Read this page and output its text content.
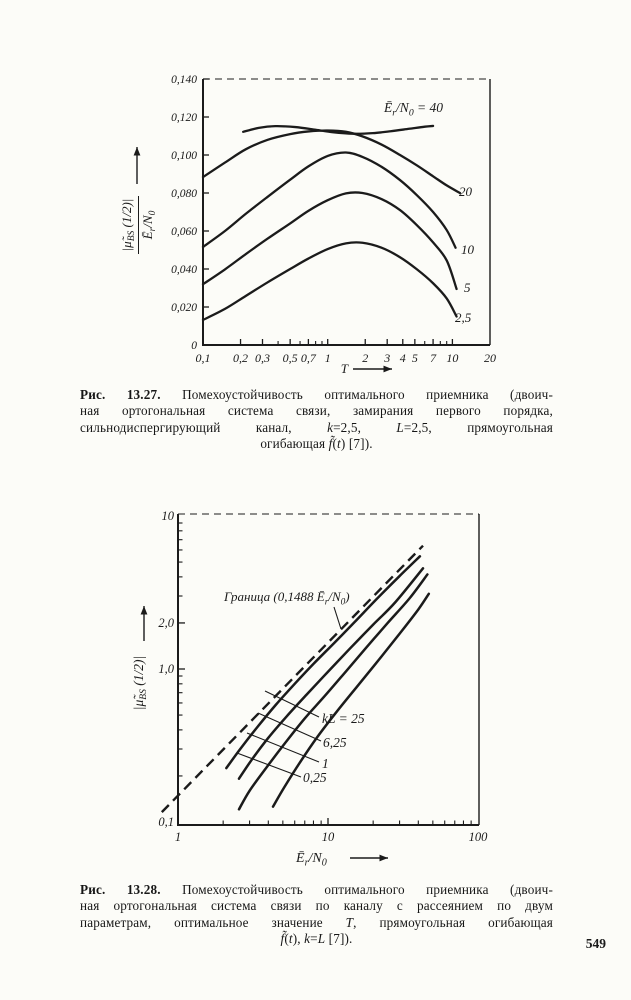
0,1 0,2 0,3 0,5 0,7 1	2 3 4 5 7 10 20
0
0,020
0,040
0,060
0,080
0,100
0,120
0,140
$Ē_r/N_0 = 40$
20
10
5
2,5
T
1	10	100
0,1
1,0
2,0
10
Граница (0,1488 $Ē_r/N_0$)
kL = 25
6,25
1
0,25
$Ē_r/N_0$
$|\mũ_{BS}$ (1/2)|
$Ē_r/N_0$
$|\mũ_{BS}$ (1/2)|
Рис. 13.27. Помехоустойчивость оптимального приемника (двоич-
ная ортогональная система связи, замирания первого порядка,
сильнодиспергирующий канал, k=2,5, L=2,5, прямоугольная
огибающая f̃(t) [7]).
Рис. 13.28. Помехоустойчивость оптимального приемника (двоич-
ная ортогональная система связи по каналу с рассеянием по двум
параметрам, оптимальное значение T, прямоугольная огибающая
f̃(t), k=L [7]).	549
